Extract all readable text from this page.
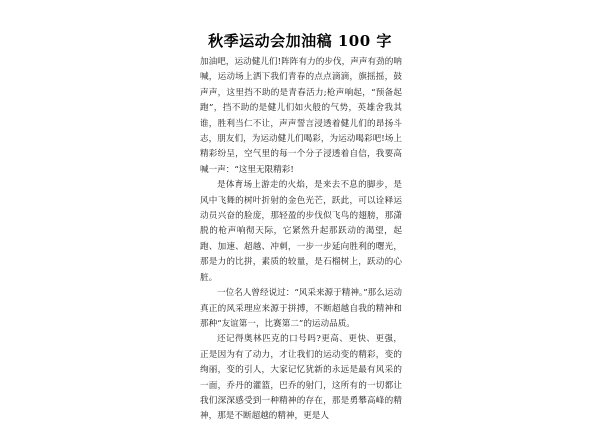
秋季运动会加油稿 100 字

加油吧，运动健儿们!阵阵有力的步伐，声声有劲的呐喊，运动场上洒下我们青春的点点滴滴，旗摇摇，鼓声声，这里挡不助的是青春活力;枪声响起，“预备起跑”，挡不助的是健儿们如火般的气势，英雄舍我其谁，胜利当仁不让，声声誓言浸透着健儿们的昂扬斗志，朋友们，为运动健儿们喝彩，为运动喝彩吧!场上精彩纷呈，空气里的每一个分子浸透着自信，我要高喊一声：“这里无限精彩!

是体育场上游走的火焰，是来去不息的脚步，是风中飞舞的树叶折射的金色光芒，跃此，可以诠释运动员兴奋的脸庞，那轻盈的步伐似飞鸟的翅膀，那潇脱的枪声响彻天际，它紧然升起那跃动的渴望，起跑、加速、超越、冲刺，一步一步延向胜利的曙光，那是力的比拼，素质的较量，是石榴树上，跃动的心脏。

一位名人曾经说过：“风采来源于精神。”那么运动真正的风采理应来源于拼搏，不断超越自我的精神和那种“友谊第一，比赛第二”的运动品质。

还记得奥林匹克的口号吗?更高、更快、更强，正是因为有了动力，才让我们的运动变的精彩，变的绚丽，变的引人，大家记忆犹新的永远是最有风采的一面，乔丹的灌篮，巴乔的射门，这所有的一切都让我们深深感受到一种精神的存在，那是勇攀高峰的精神，那是不断超越的精神，更是人
